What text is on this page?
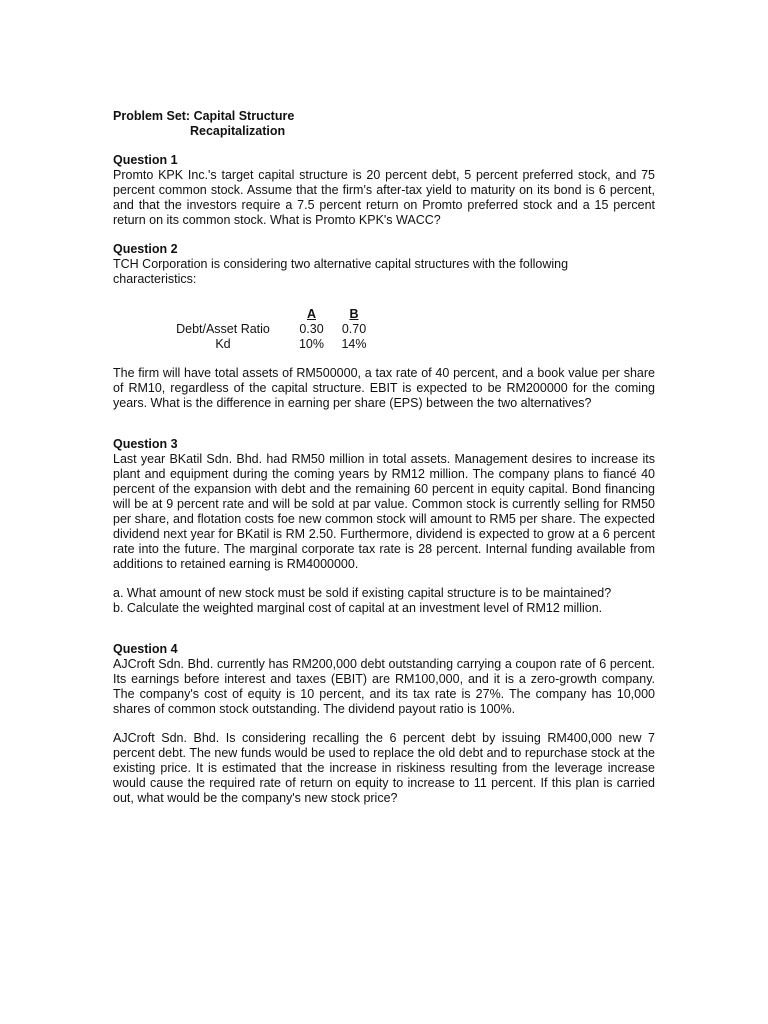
Problem Set: Capital Structure
Recapitalization
Question 1

Promto KPK Inc.'s target capital structure is 20 percent debt, 5 percent preferred stock, and 75 percent common stock. Assume that the firm's after-tax yield to maturity on its bond is 6 percent, and that the investors require a 7.5 percent return on Promto preferred stock and a 15 percent return on its common stock. What is Promto KPK's WACC?

Question 2

TCH Corporation is considering two alternative capital structures with the following characteristics:

	A	B
Debt/Asset Ratio	0.30	0.70
Kd	10%	14%

The firm will have total assets of RM500000, a tax rate of 40 percent, and a book value per share of RM10, regardless of the capital structure. EBIT is expected to be RM200000 for the coming years. What is the difference in earning per share (EPS) between the two alternatives?

Question 3

Last year BKatil Sdn. Bhd. had RM50 million in total assets. Management desires to increase its plant and equipment during the coming years by RM12 million. The company plans to fiancé 40 percent of the expansion with debt and the remaining 60 percent in equity capital. Bond financing will be at 9 percent rate and will be sold at par value. Common stock is currently selling for RM50 per share, and flotation costs foe new common stock will amount to RM5 per share. The expected dividend next year for BKatil is RM 2.50. Furthermore, dividend is expected to grow at a 6 percent rate into the future. The marginal corporate tax rate is 28 percent. Internal funding available from additions to retained earning is RM4000000.

a. What amount of new stock must be sold if existing capital structure is to be maintained?

b. Calculate the weighted marginal cost of capital at an investment level of RM12 million.

Question 4

AJCroft Sdn. Bhd. currently has RM200,000 debt outstanding carrying a coupon rate of 6 percent. Its earnings before interest and taxes (EBIT) are RM100,000, and it is a zero-growth company. The company's cost of equity is 10 percent, and its tax rate is 27%. The company has 10,000 shares of common stock outstanding. The dividend payout ratio is 100%.

AJCroft Sdn. Bhd. Is considering recalling the 6 percent debt by issuing RM400,000 new 7 percent debt. The new funds would be used to replace the old debt and to repurchase stock at the existing price. It is estimated that the increase in riskiness resulting from the leverage increase would cause the required rate of return on equity to increase to 11 percent. If this plan is carried out, what would be the company's new stock price?
